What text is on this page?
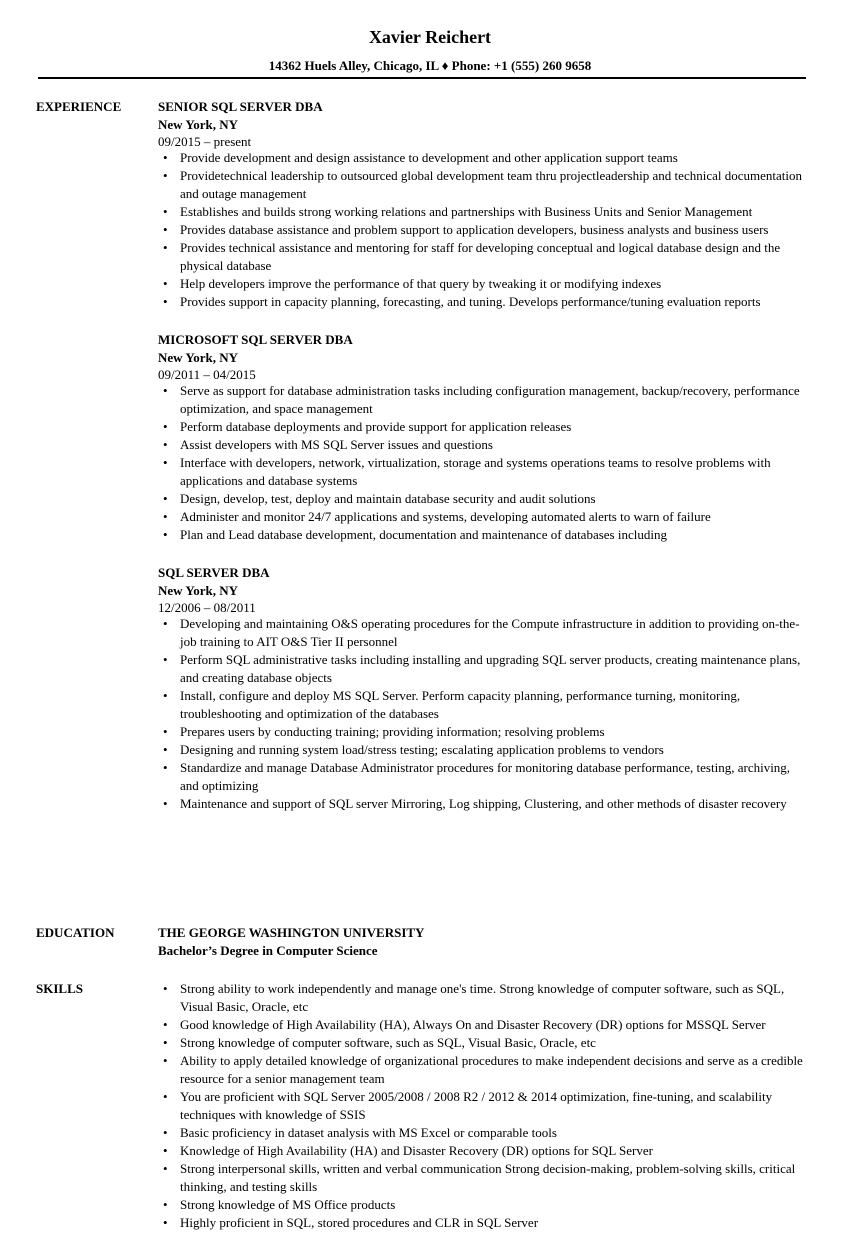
Xavier Reichert
14362 Huels Alley, Chicago, IL ♦ Phone: +1 (555) 260 9658
EXPERIENCE	SENIOR SQL SERVER DBA
New York, NY
09/2015 – present
• Provide development and design assistance to development and other application support teams
• Providetechnical leadership to outsourced global development team thru projectleadership and technical documentation and outage management
• Establishes and builds strong working relations and partnerships with Business Units and Senior Management
• Provides database assistance and problem support to application developers, business analysts and business users
• Provides technical assistance and mentoring for staff for developing conceptual and logical database design and the physical database
• Help developers improve the performance of that query by tweaking it or modifying indexes
• Provides support in capacity planning, forecasting, and tuning. Develops performance/tuning evaluation reports
MICROSOFT SQL SERVER DBA
New York, NY
09/2011 – 04/2015
• Serve as support for database administration tasks including configuration management, backup/recovery, performance optimization, and space management
• Perform database deployments and provide support for application releases
• Assist developers with MS SQL Server issues and questions
• Interface with developers, network, virtualization, storage and systems operations teams to resolve problems with applications and database systems
• Design, develop, test, deploy and maintain database security and audit solutions
• Administer and monitor 24/7 applications and systems, developing automated alerts to warn of failure
• Plan and Lead database development, documentation and maintenance of databases including
SQL SERVER DBA
New York, NY
12/2006 – 08/2011
• Developing and maintaining O&S operating procedures for the Compute infrastructure in addition to providing on-the-job training to AIT O&S Tier II personnel
• Perform SQL administrative tasks including installing and upgrading SQL server products, creating maintenance plans, and creating database objects
• Install, configure and deploy MS SQL Server. Perform capacity planning, performance turning, monitoring, troubleshooting and optimization of the databases
• Prepares users by conducting training; providing information; resolving problems
• Designing and running system load/stress testing; escalating application problems to vendors
• Standardize and manage Database Administrator procedures for monitoring database performance, testing, archiving, and optimizing
• Maintenance and support of SQL server Mirroring, Log shipping, Clustering, and other methods of disaster recovery
EDUCATION	THE GEORGE WASHINGTON UNIVERSITY
Bachelor’s Degree in Computer Science
SKILLS	• Strong ability to work independently and manage one's time. Strong knowledge of computer software, such as SQL, Visual Basic, Oracle, etc
• Good knowledge of High Availability (HA), Always On and Disaster Recovery (DR) options for MSSQL Server
• Strong knowledge of computer software, such as SQL, Visual Basic, Oracle, etc
• Ability to apply detailed knowledge of organizational procedures to make independent decisions and serve as a credible resource for a senior management team
• You are proficient with SQL Server 2005/2008 / 2008 R2 / 2012 & 2014 optimization, fine-tuning, and scalability techniques with knowledge of SSIS
• Basic proficiency in dataset analysis with MS Excel or comparable tools
• Knowledge of High Availability (HA) and Disaster Recovery (DR) options for SQL Server
• Strong interpersonal skills, written and verbal communication Strong decision-making, problem-solving skills, critical thinking, and testing skills
• Strong knowledge of MS Office products
• Highly proficient in SQL, stored procedures and CLR in SQL Server
